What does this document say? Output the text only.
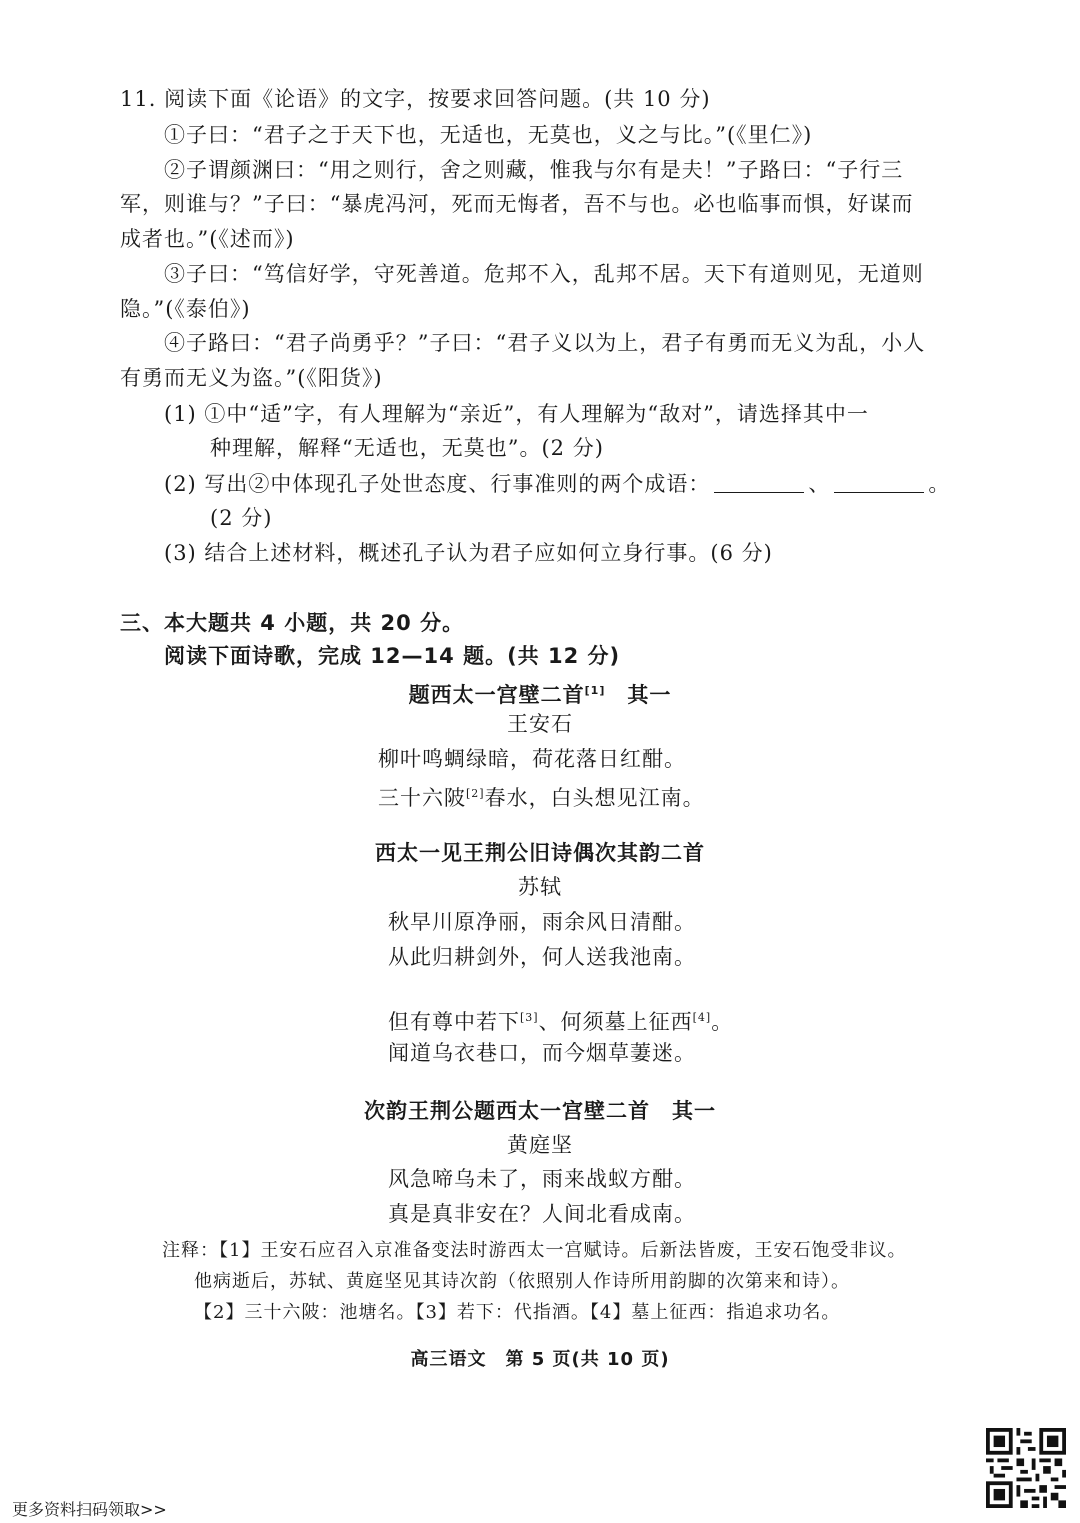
11. 阅读下面《论语》的文字，按要求回答问题。(共 10 分)
①子曰：“君子之于天下也，无适也，无莫也，义之与比。”(《里仁》)
②子谓颜渊曰：“用之则行，舍之则藏，惟我与尔有是夫！”子路曰：“子行三
军，则谁与？”子曰：“暴虎冯河，死而无悔者，吾不与也。必也临事而惧，好谋而
成者也。”(《述而》)
③子曰：“笃信好学，守死善道。危邦不入，乱邦不居。天下有道则见，无道则
隐。”(《泰伯》)
④子路曰：“君子尚勇乎？”子曰：“君子义以为上，君子有勇而无义为乱，小人
有勇而无义为盗。”(《阳货》)
(1) ①中“适”字，有人理解为“亲近”，有人理解为“敌对”，请选择其中一
种理解，解释“无适也，无莫也”。(2 分)
(2) 写出②中体现孔子处世态度、行事准则的两个成语：	、	。
(2 分)
(3) 结合上述材料，概述孔子认为君子应如何立身行事。(6 分)
三、本大题共 4 小题，共 20 分。
阅读下面诗歌，完成 12—14 题。(共 12 分)
题西太一宫壁二首[1]　 其一
王安石
柳叶鸣蜩绿暗，荷花落日红酣。
三十六陂[2]春水，白头想见江南。
西太一见王荆公旧诗偶次其韵二首
苏轼
秋早川原净丽，雨余风日清酣。
从此归耕剑外，何人送我池南。
但有尊中若下[3]、何须墓上征西[4]。
闻道乌衣巷口，而今烟草萋迷。
次韵王荆公题西太一宫壁二首　其一
黄庭坚
风急啼乌未了，雨来战蚁方酣。
真是真非安在？人间北看成南。
注释：【1】王安石应召入京准备变法时游西太一宫赋诗。后新法皆废，王安石饱受非议。
他病逝后，苏轼、黄庭坚见其诗次韵（依照别人作诗所用韵脚的次第来和诗）。
【2】三十六陂：池塘名。【3】若下：代指酒。【4】墓上征西：指追求功名。
高三语文　第 5 页(共 10 页)
更多资料扫码领取>>
